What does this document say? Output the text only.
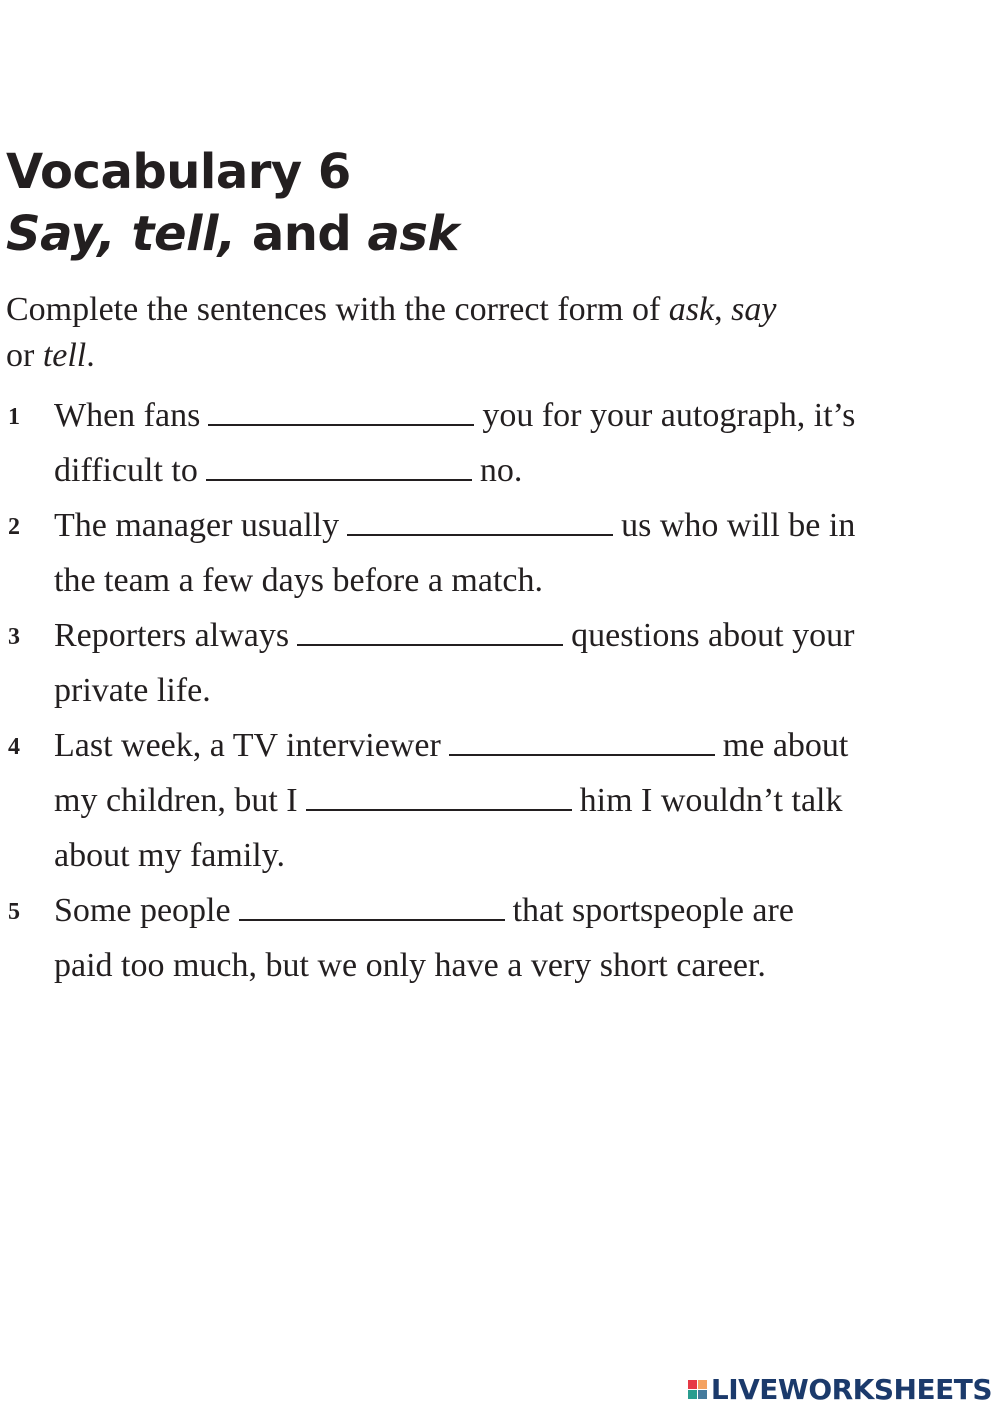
Vocabulary 6
Say, tell, and ask

Complete the sentences with the correct form of ask, say
or tell.

1 When fans	you for your autograph, it’s
difficult to	no.
2 The manager usually	us who will be in
the team a few days before a match.
3 Reporters always	questions about your
private life.
4 Last week, a TV interviewer	me about
my children, but I	him I wouldn’t talk
about my family.
5 Some people	that sportspeople are
paid too much, but we only have a very short career.
LIVEWORKSHEETS
